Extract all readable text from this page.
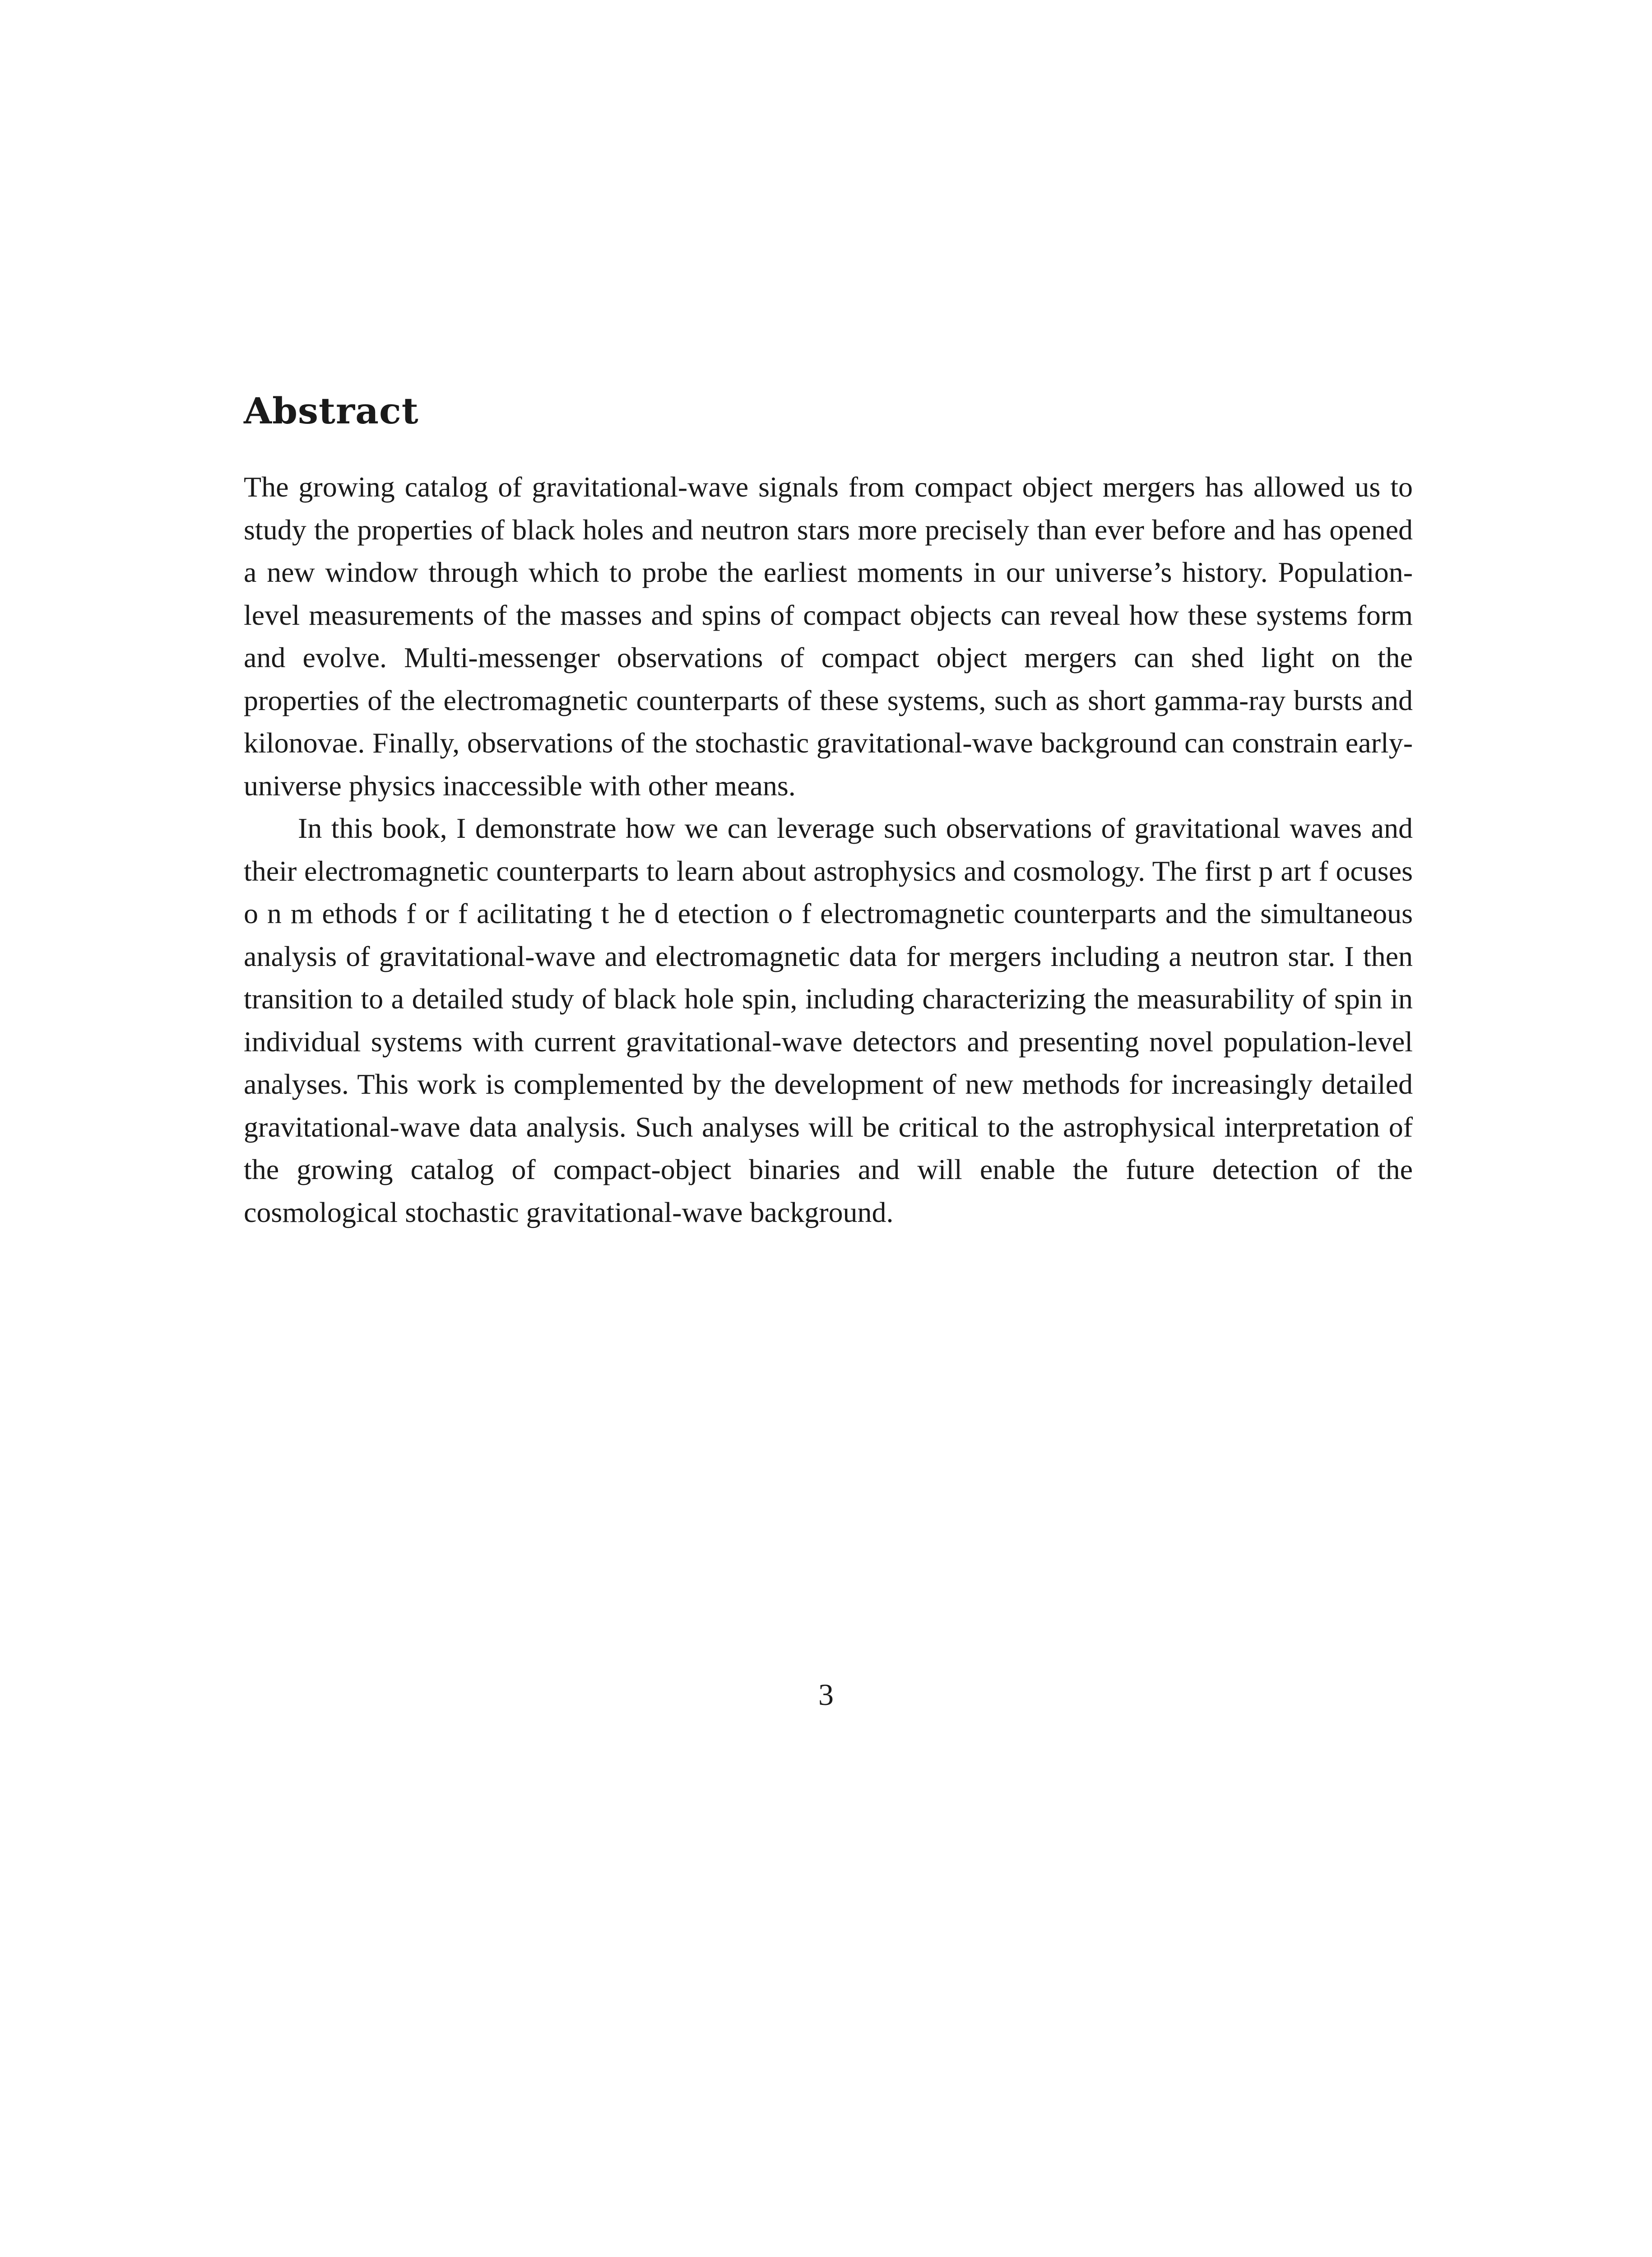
Abstract

The growing catalog of gravitational-wave signals from compact object mergers has allowed us to study the properties of black holes and neutron stars more precisely than ever before and has opened a new window through which to probe the earliest moments in our universe’s history. Population-level measurements of the masses and spins of compact objects can reveal how these systems form and evolve. Multi-messenger observations of compact object mergers can shed light on the properties of the electromagnetic counterparts of these systems, such as short gamma-ray bursts and kilonovae. Finally, observations of the stochastic gravitational-wave background can constrain early-universe physics inaccessible with other means.

In this book, I demonstrate how we can leverage such observations of gravitational waves and their electromagnetic counterparts to learn about astrophysics and cosmology. The first p art f ocuses o n m ethods f or f acilitating t he d etection o f electromagnetic counterparts and the simultaneous analysis of gravitational-wave and electromagnetic data for mergers including a neutron star. I then transition to a detailed study of black hole spin, including characterizing the measurability of spin in individual systems with current gravitational-wave detectors and presenting novel population-level analyses. This work is complemented by the development of new methods for increasingly detailed gravitational-wave data analysis. Such analyses will be critical to the astrophysical interpretation of the growing catalog of compact-object binaries and will enable the future detection of the cosmological stochastic gravitational-wave background.

3
